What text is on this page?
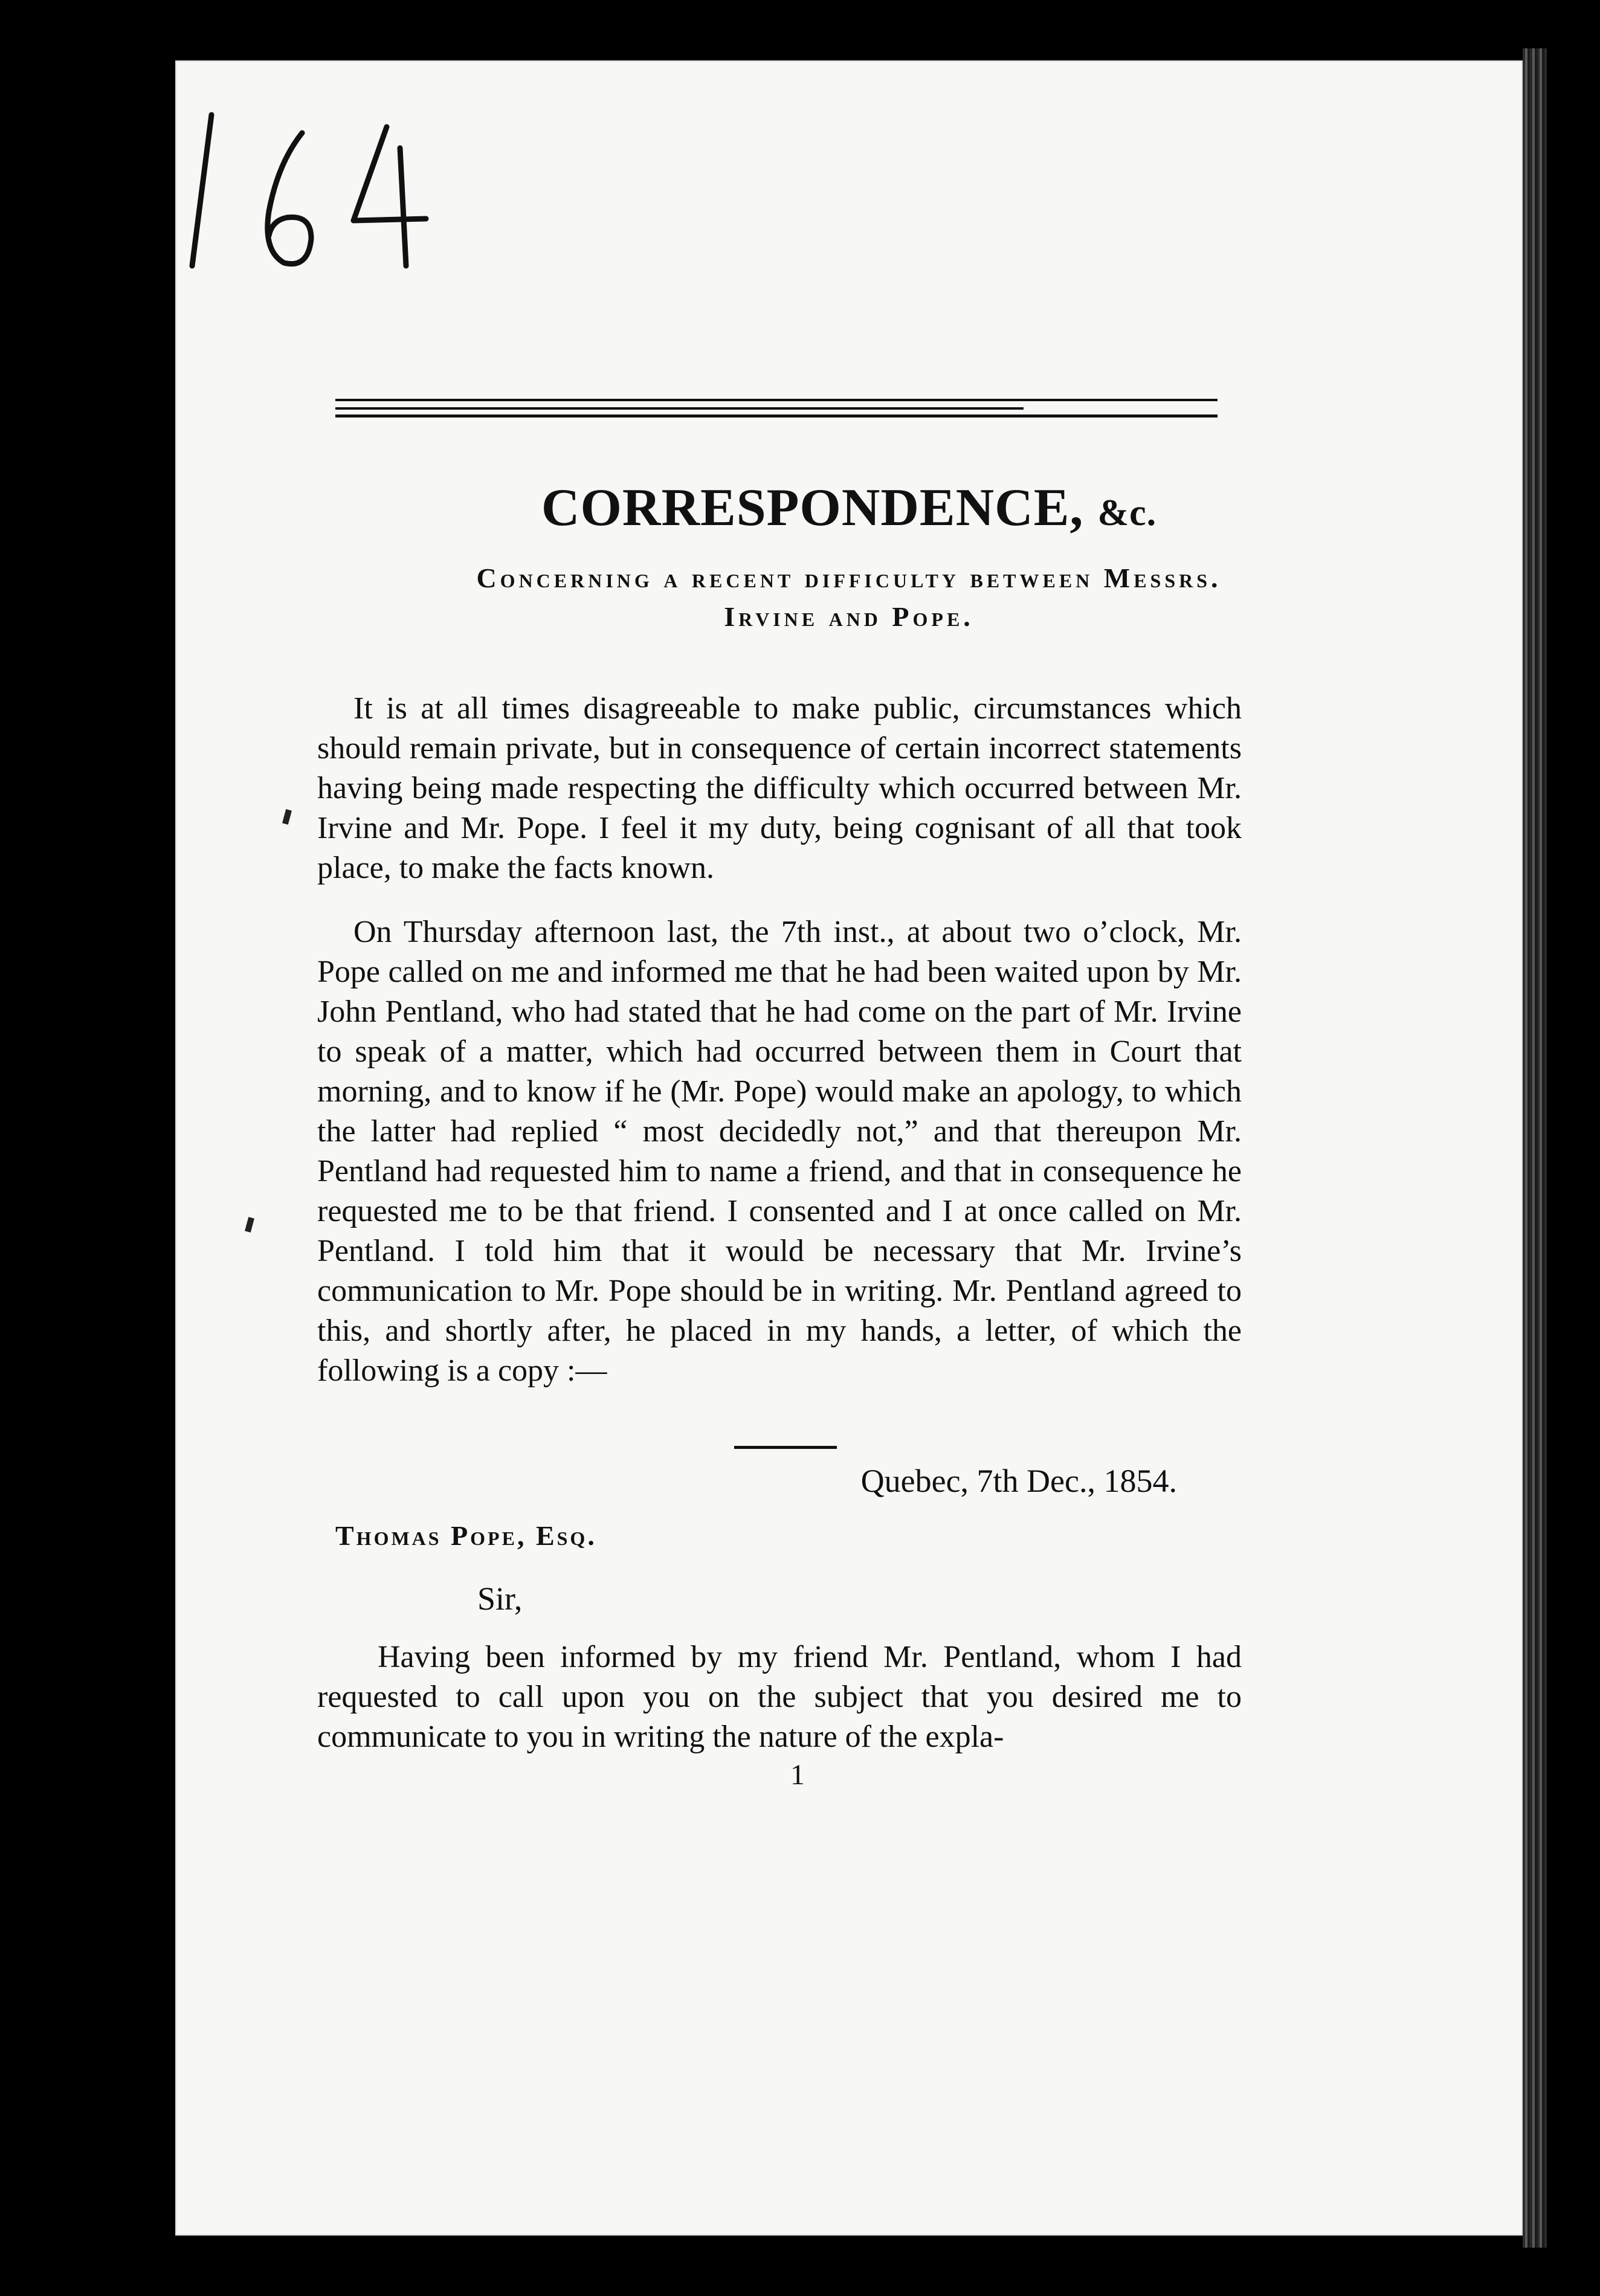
CORRESPONDENCE, &c.
Concerning a recent difficulty between Messrs.
Irvine and Pope.

It is at all times disagreeable to make public, circumstances which should remain private, but in consequence of certain incorrect statements having being made respecting the difficulty which occurred between Mr. Irvine and Mr. Pope. I feel it my duty, being cognisant of all that took place, to make the facts known.

On Thursday afternoon last, the 7th inst., at about two o’clock, Mr. Pope called on me and informed me that he had been waited upon by Mr. John Pentland, who had stated that he had come on the part of Mr. Irvine to speak of a matter, which had occurred between them in Court that morning, and to know if he (Mr. Pope) would make an apology, to which the latter had replied “ most decidedly not,” and that thereupon Mr. Pentland had requested him to name a friend, and that in consequence he requested me to be that friend. I consented and I at once called on Mr. Pentland. I told him that it would be necessary that Mr. Irvine’s communication to Mr. Pope should be in writing. Mr. Pentland agreed to this, and shortly after, he placed in my hands, a letter, of which the following is a copy :—

Quebec, 7th Dec., 1854.

Thomas Pope, Esq.

Sir,

Having been informed by my friend Mr. Pentland, whom I had requested to call upon you on the subject that you desired me to communicate to you in writing the nature of the expla-

1
